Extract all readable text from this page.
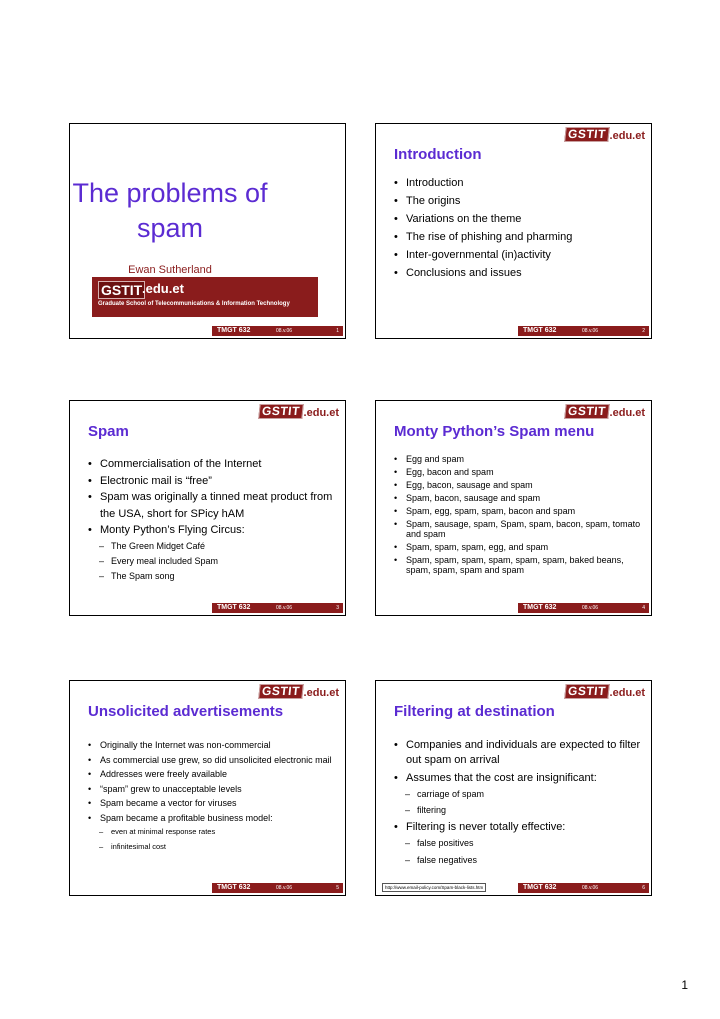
The problems of
spam
Ewan Sutherland
GSTIT .edu.et
Graduate School of Telecommunications & Information Technology
TMGT 632	08.v.06	1
GSTIT .edu.et
Introduction
• Introduction
• The origins
• Variations on the theme
• The rise of phishing and pharming
• Inter-governmental (in)activity
• Conclusions and issues
TMGT 632	08.v.06	2
GSTIT .edu.et
Spam
• Commercialisation of the Internet
• Electronic mail is “free”
• Spam was originally a tinned meat product from the USA, short for SPicy hAM
• Monty Python’s Flying Circus:
– The Green Midget Café
– Every meal included Spam
– The Spam song
TMGT 632	08.v.06	3
GSTIT .edu.et
Monty Python’s Spam menu
• Egg and spam
• Egg, bacon and spam
• Egg, bacon, sausage and spam
• Spam, bacon, sausage and spam
• Spam, egg, spam, spam, bacon and spam
• Spam, sausage, spam, Spam, spam, bacon, spam, tomato and spam
• Spam, spam, spam, egg, and spam
• Spam, spam, spam, spam, spam, spam, baked beans, spam, spam, spam and spam
TMGT 632	08.v.06	4
GSTIT .edu.et
Unsolicited advertisements
• Originally the Internet was non-commercial
• As commercial use grew, so did unsolicited electronic mail
• Addresses were freely available
• “spam” grew to unacceptable levels
• Spam became a vector for viruses
• Spam became a profitable business model:
– even at minimal response rates
– infinitesimal cost
TMGT 632	08.v.06	5
GSTIT .edu.et
Filtering at destination
• Companies and individuals are expected to filter out spam on arrival
• Assumes that the cost are insignificant:
– carriage of spam
– filtering
• Filtering is never totally effective:
– false positives
– false negatives
http://www.email-policy.com/Spam-black-lists.htm	TMGT 632	08.v.06	6
1
